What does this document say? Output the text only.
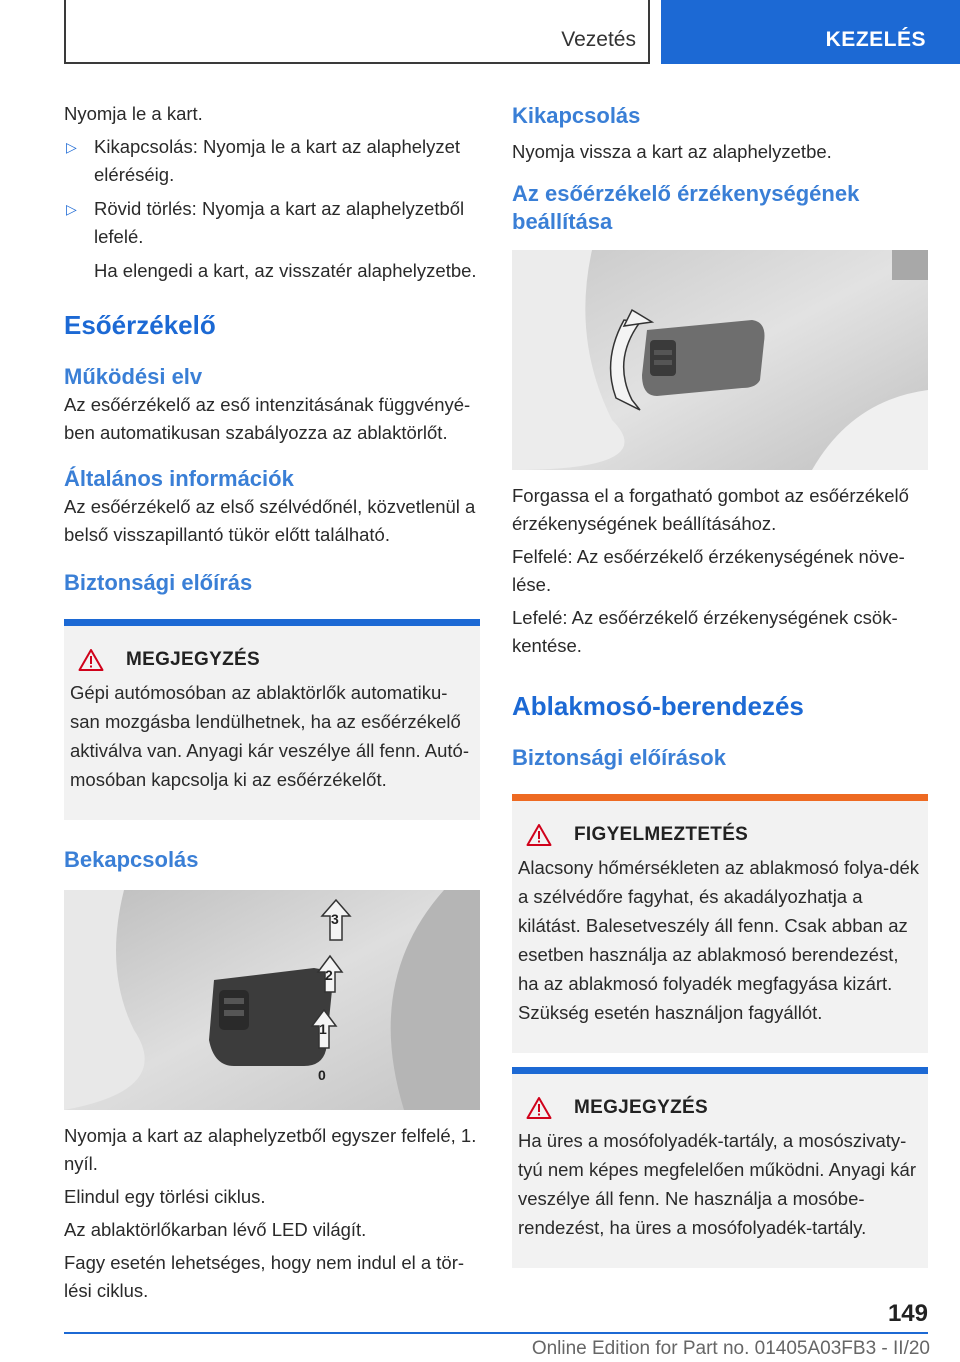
Vezetés	KEZELÉS

Nyomja le a kart.

▷ Kikapcsolás: Nyomja le a kart az alaphelyzet eléréséig.
▷ Rövid törlés: Nyomja a kart az alaphelyzetből lefelé.

Ha elengedi a kart, az visszatér alaphelyzetbe.

Esőérzékelő
Működési elv

Az esőérzékelő az eső intenzitásának függvényé-ben automatikusan szabályozza az ablaktörlőt.

Általános információk

Az esőérzékelő az első szélvédőnél, közvetlenül a belső visszapillantó tükör előtt található.

Biztonsági előírás
MEGJEGYZÉS
Gépi autómosóban az ablaktörlők automatiku-san mozgásba lendülhetnek, ha az esőérzékelő aktiválva van. Anyagi kár veszélye áll fenn. Autó-mosóban kapcsolja ki az esőérzékelőt.
Bekapcsolás
3
2
1
0

Nyomja a kart az alaphelyzetből egyszer felfelé, 1. nyíl.

Elindul egy törlési ciklus.

Az ablaktörlőkarban lévő LED világít.

Fagy esetén lehetséges, hogy nem indul el a tör-lési ciklus.

Kikapcsolás

Nyomja vissza a kart az alaphelyzetbe.

Az esőérzékelő érzékenységének beállítása

Forgassa el a forgatható gombot az esőérzékelő érzékenységének beállításához.

Felfelé: Az esőérzékelő érzékenységének növe-lése.

Lefelé: Az esőérzékelő érzékenységének csök-kentése.

Ablakmosó-berendezés
Biztonsági előírások
FIGYELMEZTETÉS
Alacsony hőmérsékleten az ablakmosó folya-dék a szélvédőre fagyhat, és akadályozhatja a kilátást. Balesetveszély áll fenn. Csak abban az esetben használja az ablakmosó berendezést, ha az ablakmosó folyadék megfagyása kizárt. Szükség esetén használjon fagyállót.
MEGJEGYZÉS
Ha üres a mosófolyadék-tartály, a mosószivaty-tyú nem képes megfelelően működni. Anyagi kár veszélye áll fenn. Ne használja a mosóbe-rendezést, ha üres a mosófolyadék-tartály.
149
Online Edition for Part no. 01405A03FB3 - II/20
